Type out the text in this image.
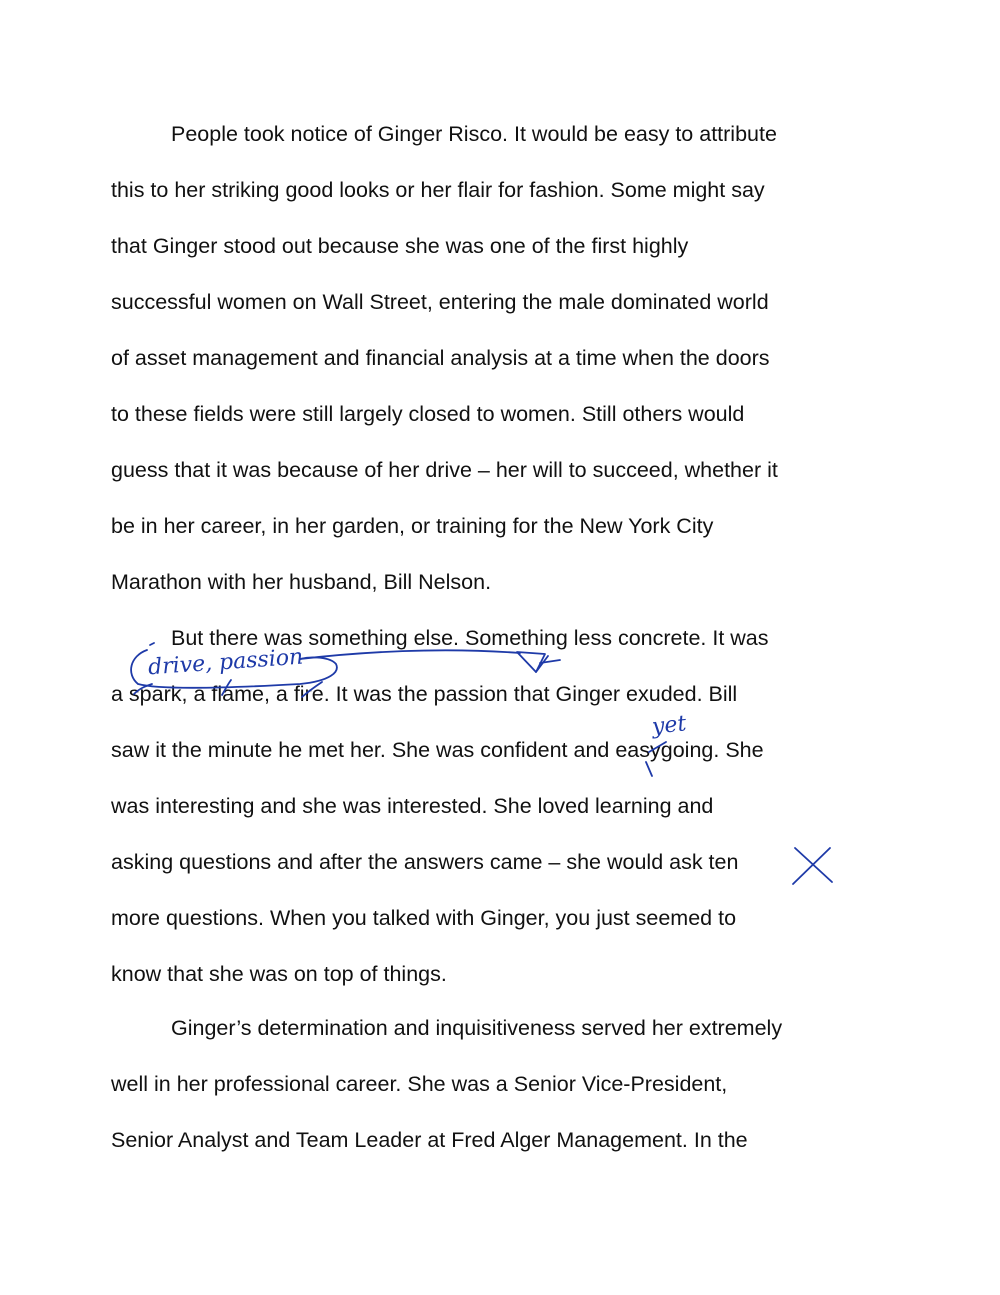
People took notice of Ginger Risco. It would be easy to attribute
this to her striking good looks or her flair for fashion. Some might say
that Ginger stood out because she was one of the first highly
successful women on Wall Street, entering the male dominated world
of asset management and financial analysis at a time when the doors
to these fields were still largely closed to women. Still others would
guess that it was because of her drive – her will to succeed, whether it
be in her career, in her garden, or training for the New York City
Marathon with her husband, Bill Nelson.
But there was something else. Something less concrete. It was
a spark, a flame, a fire. It was the passion that Ginger exuded. Bill
saw it the minute he met her. She was confident and easygoing. She
was interesting and she was interested. She loved learning and
asking questions and after the answers came – she would ask ten
more questions. When you talked with Ginger, you just seemed to
know that she was on top of things.
Ginger’s determination and inquisitiveness served her extremely
well in her professional career. She was a Senior Vice-President,
Senior Analyst and Team Leader at Fred Alger Management. In the
drive, passion
yet
